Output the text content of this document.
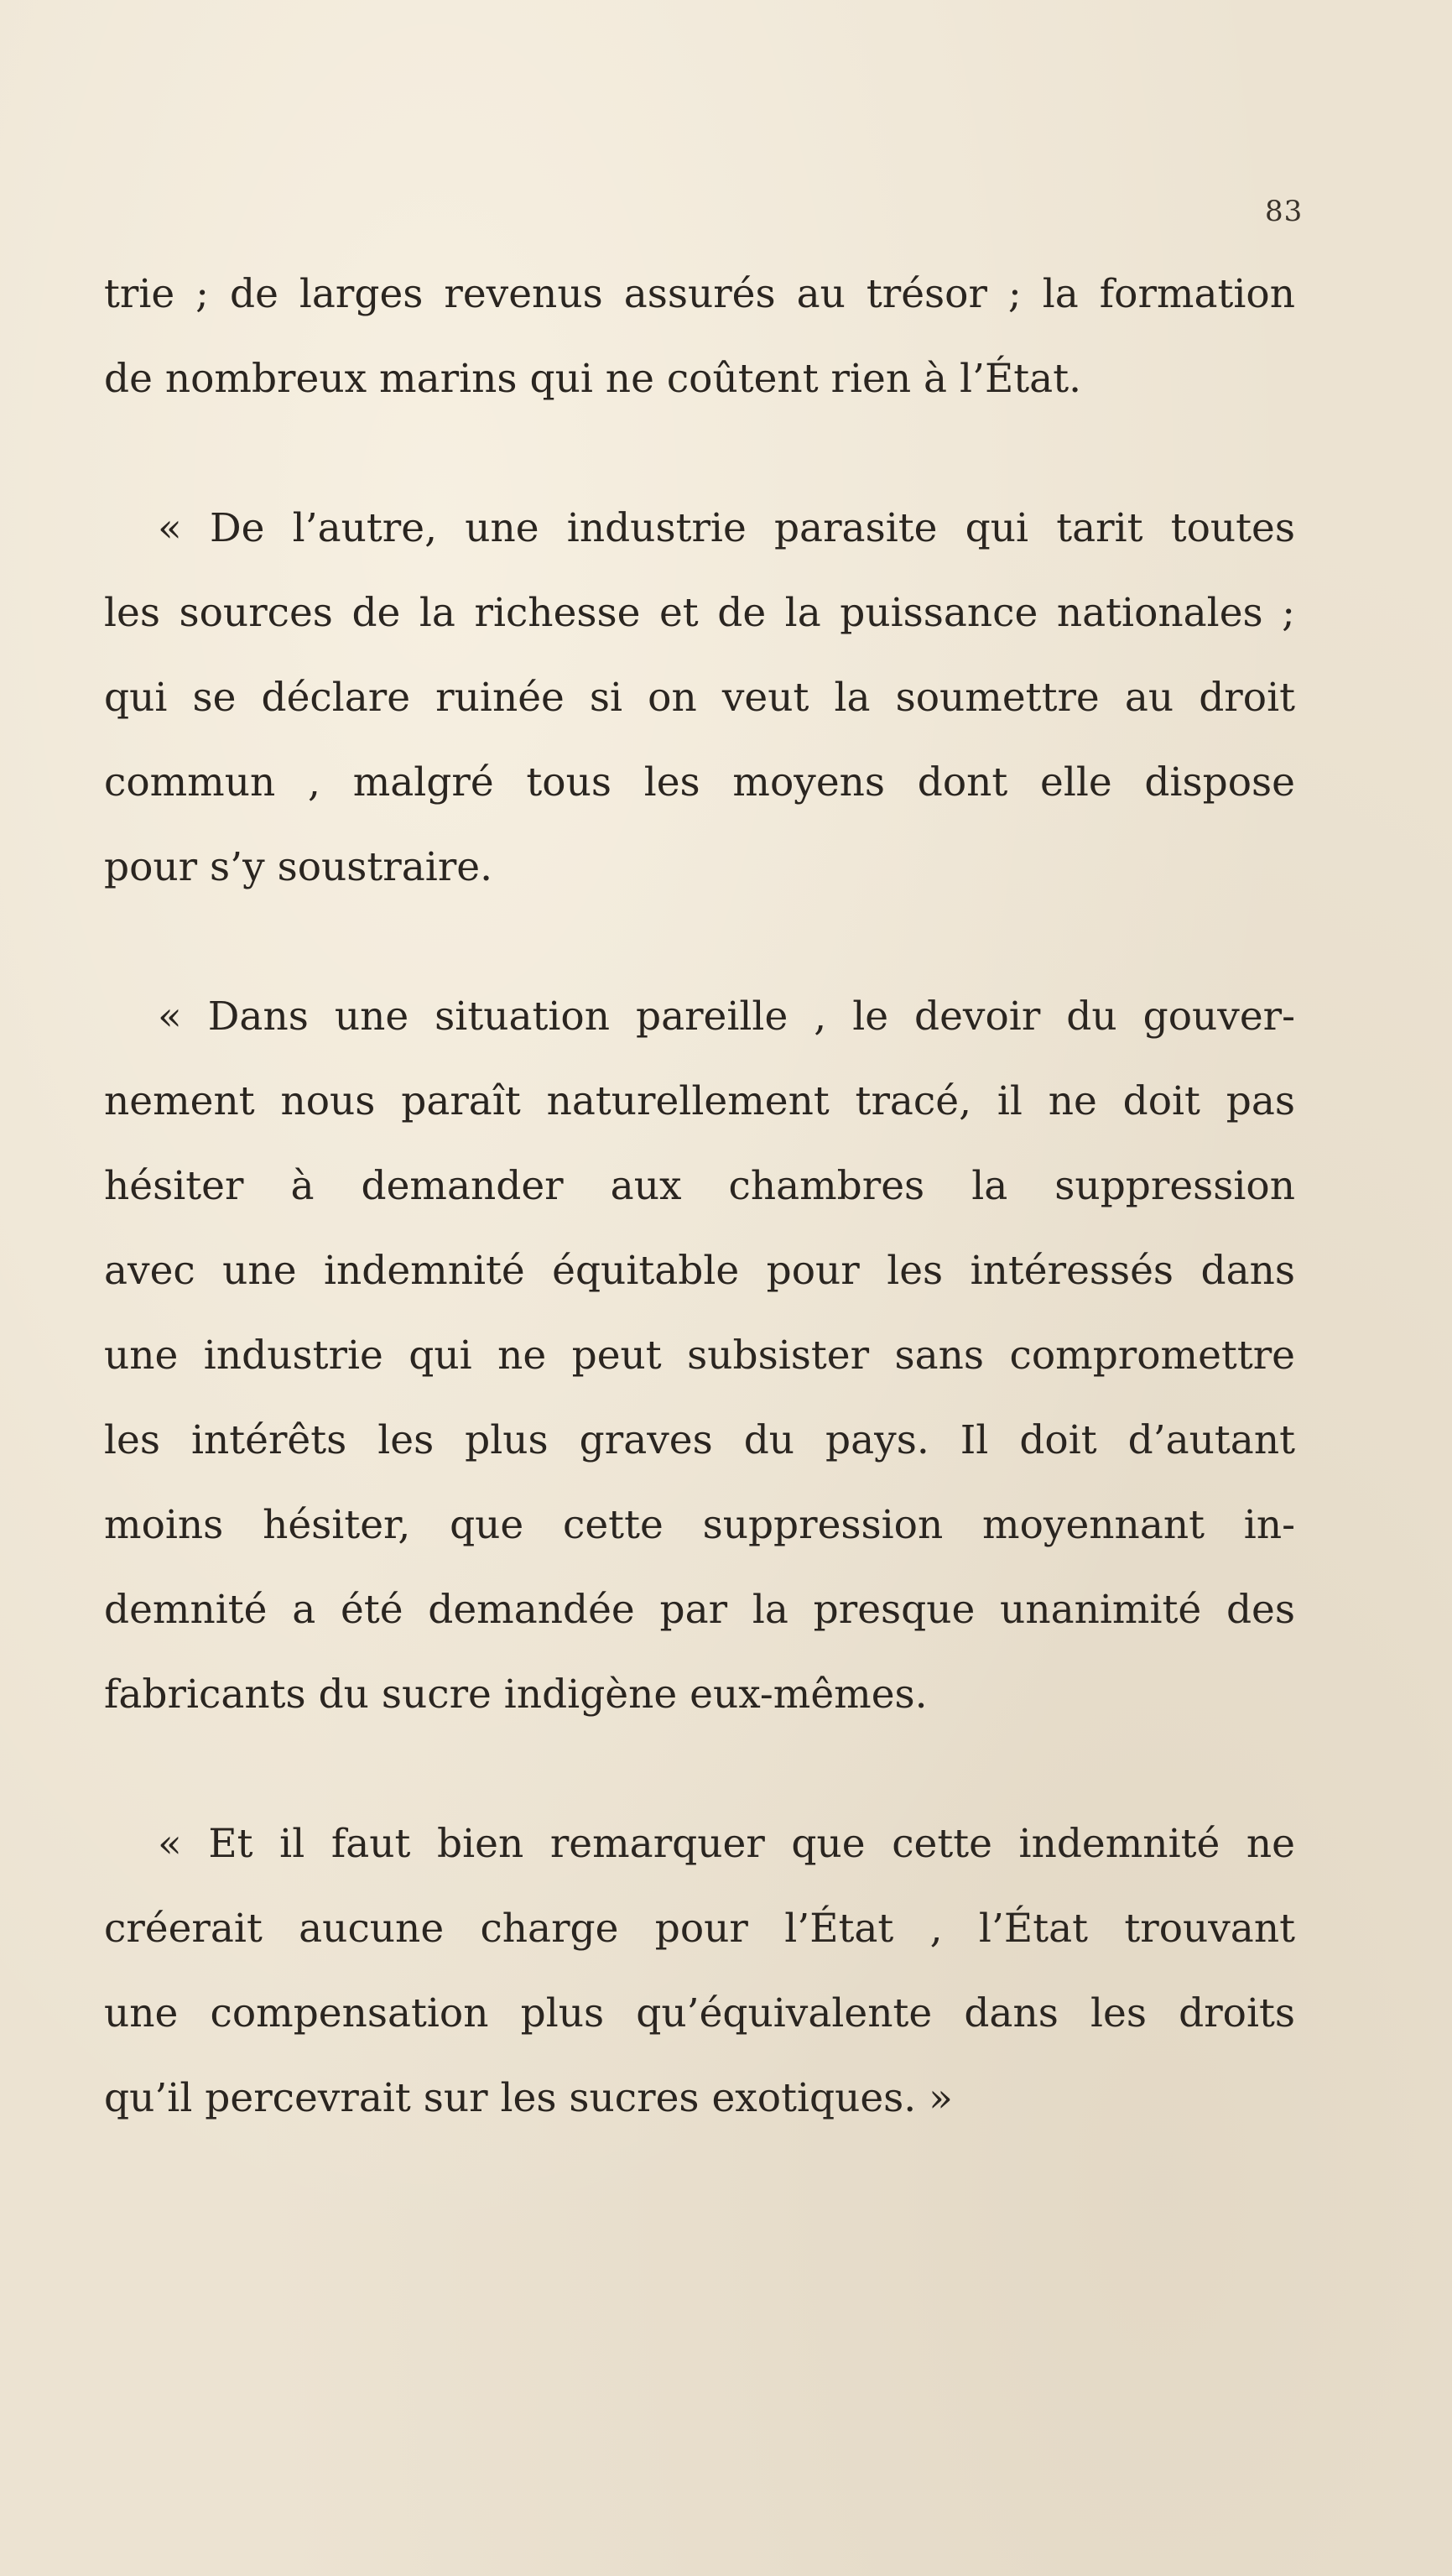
83
trie ; de larges revenus assurés au trésor ; la formation
de nombreux marins qui ne coûtent rien à l’État.
« De l’autre, une industrie parasite qui tarit toutes
les sources de la richesse et de la puissance nationales ;
qui se déclare ruinée si on veut la soumettre au droit
commun , malgré tous les moyens dont elle dispose
pour s’y soustraire.
« Dans une situation pareille , le devoir du gouver-
nement nous paraît naturellement tracé, il ne doit pas
hésiter à demander aux chambres la suppression
avec une indemnité équitable pour les intéressés dans
une industrie qui ne peut subsister sans compromettre
les intérêts les plus graves du pays. Il doit d’autant
moins hésiter, que cette suppression moyennant in-
demnité a été demandée par la presque unanimité des
fabricants du sucre indigène eux-mêmes.
« Et il faut bien remarquer que cette indemnité ne
créerait aucune charge pour l’État , l’État trouvant
une compensation plus qu’équivalente dans les droits
qu’il percevrait sur les sucres exotiques. »
